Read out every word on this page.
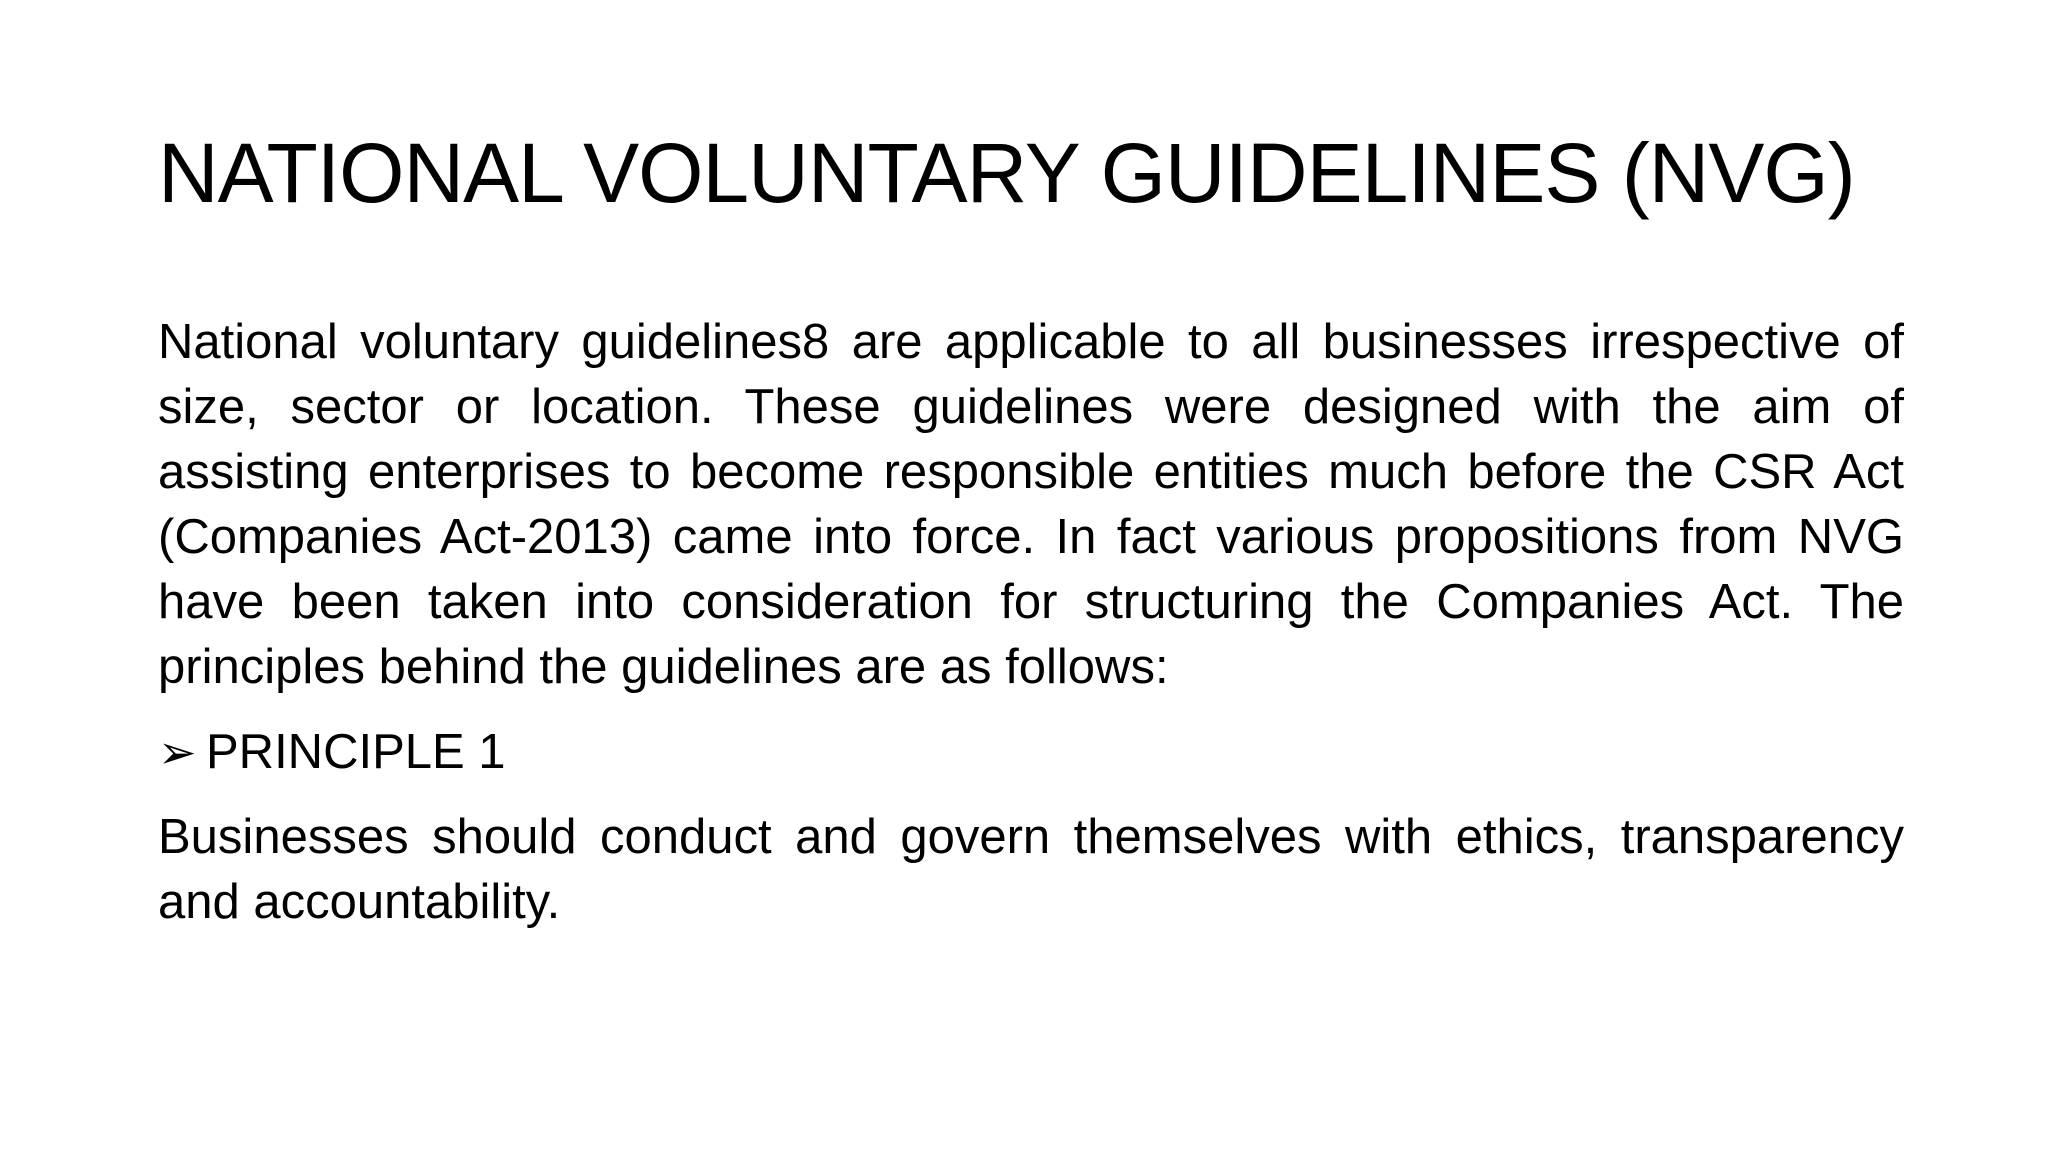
NATIONAL VOLUNTARY GUIDELINES (NVG)

National voluntary guidelines8 are applicable to all businesses irrespective of size, sector or location. These guidelines were designed with the aim of assisting enterprises to become responsible entities much before the CSR Act (Companies Act-2013) came into force. In fact various propositions from NVG have been taken into consideration for structuring the Companies Act. The principles behind the guidelines are as follows:

➢ PRINCIPLE 1

Businesses should conduct and govern themselves with ethics, transparency and accountability.
